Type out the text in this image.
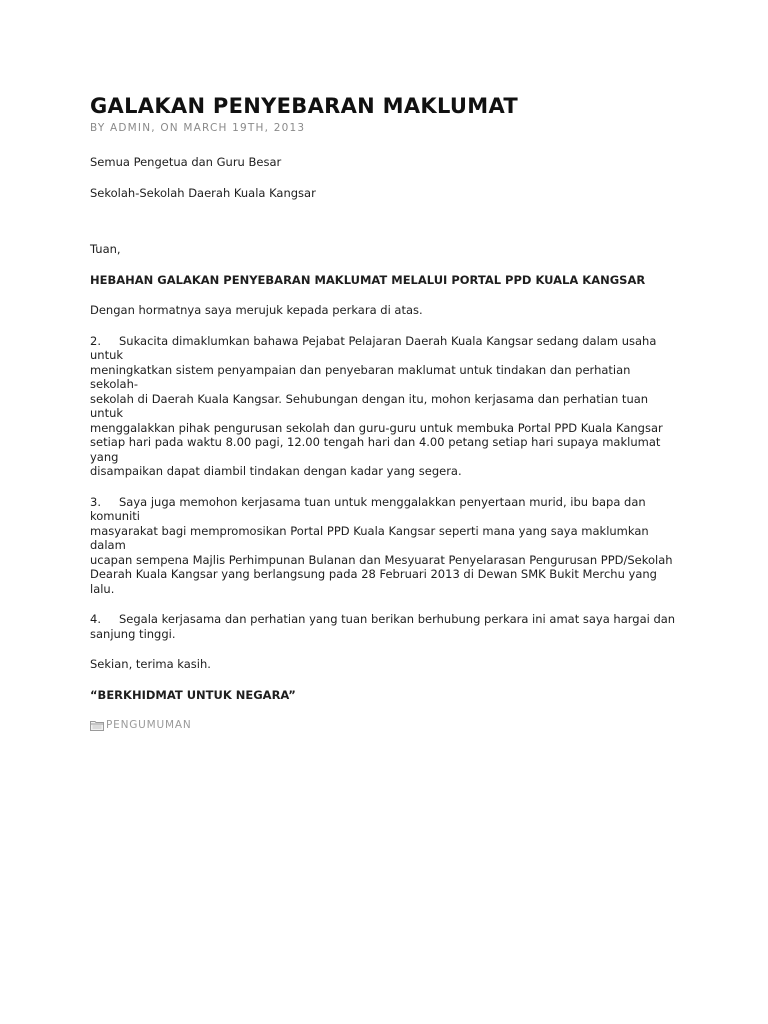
GALAKAN PENYEBARAN MAKLUMAT
BY ADMIN, ON MARCH 19TH, 2013

Semua Pengetua dan Guru Besar

Sekolah-Sekolah Daerah Kuala Kangsar

Tuan,

HEBAHAN GALAKAN PENYEBARAN MAKLUMAT MELALUI PORTAL PPD KUALA KANGSAR

Dengan hormatnya saya merujuk kepada perkara di atas.

2. Sukacita dimaklumkan bahawa Pejabat Pelajaran Daerah Kuala Kangsar sedang dalam usaha untuk
meningkatkan sistem penyampaian dan penyebaran maklumat untuk tindakan dan perhatian sekolah-
sekolah di Daerah Kuala Kangsar. Sehubungan dengan itu, mohon kerjasama dan perhatian tuan untuk
menggalakkan pihak pengurusan sekolah dan guru-guru untuk membuka Portal PPD Kuala Kangsar
setiap hari pada waktu 8.00 pagi, 12.00 tengah hari dan 4.00 petang setiap hari supaya maklumat yang
disampaikan dapat diambil tindakan dengan kadar yang segera.

3. Saya juga memohon kerjasama tuan untuk menggalakkan penyertaan murid, ibu bapa dan komuniti
masyarakat bagi mempromosikan Portal PPD Kuala Kangsar seperti mana yang saya maklumkan dalam
ucapan sempena Majlis Perhimpunan Bulanan dan Mesyuarat Penyelarasan Pengurusan PPD/Sekolah
Dearah Kuala Kangsar yang berlangsung pada 28 Februari 2013 di Dewan SMK Bukit Merchu yang lalu.

4. Segala kerjasama dan perhatian yang tuan berikan berhubung perkara ini amat saya hargai dan
sanjung tinggi.

Sekian, terima kasih.

“BERKHIDMAT UNTUK NEGARA”

PENGUMUMAN
